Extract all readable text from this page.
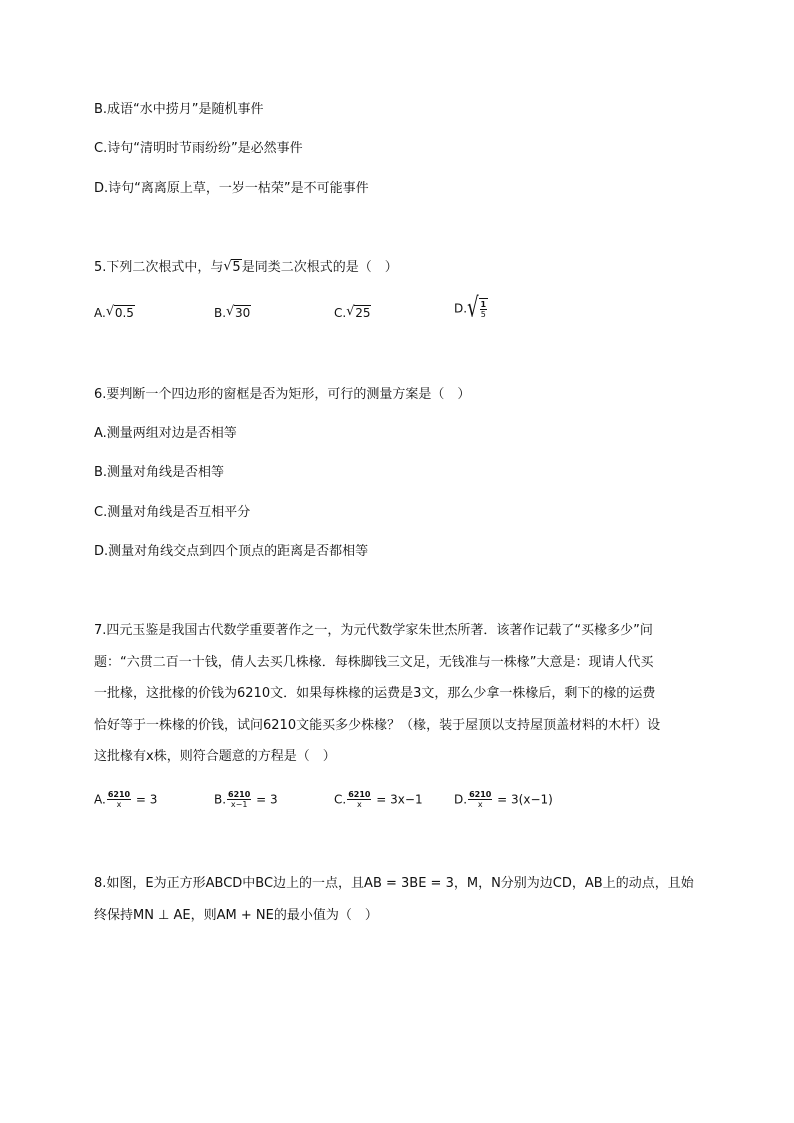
B.成语“水中捞月”是随机事件
C.诗句“清明时节雨纷纷”是必然事件
D.诗句“离离原上草，一岁一枯荣”是不可能事件
5.下列二次根式中，与 √ 5是同类二次根式的是（　）
A. √ 0.5	B. √ 30	C. √ 25	D. √ $\frac{1}{5}$
6.要判断一个四边形的窗框是否为矩形，可行的测量方案是（　）
A.测量两组对边是否相等
B.测量对角线是否相等
C.测量对角线是否互相平分
D.测量对角线交点到四个顶点的距离是否都相等
7.四元玉鉴是我国古代数学重要著作之一，为元代数学家朱世杰所著．该著作记载了“买椽多少”问
题：“六贯二百一十钱，倩人去买几株椽．每株脚钱三文足，无钱准与一株椽”大意是：现请人代买
一批椽，这批椽的价钱为6210文．如果每株椽的运费是3文，那么少拿一株椽后，剩下的椽的运费
恰好等于一株椽的价钱，试问6210文能买多少株椽？（椽，装于屋顶以支持屋顶盖材料的木杆）设
这批椽有x株，则符合题意的方程是（　）
A. $\frac{6210}{x} = 3$	B. $\frac{6210}{x-1} = 3$	C. $\frac{6210}{x} = 3x-1$	D. $\frac{6210}{x} = 3(x-1)$
8.如图，E为正方形ABCD中BC边上的一点，且AB = 3BE = 3，M，N分别为边CD，AB上的动点，且始
终保持MN ⊥ AE，则AM + NE的最小值为（　）
